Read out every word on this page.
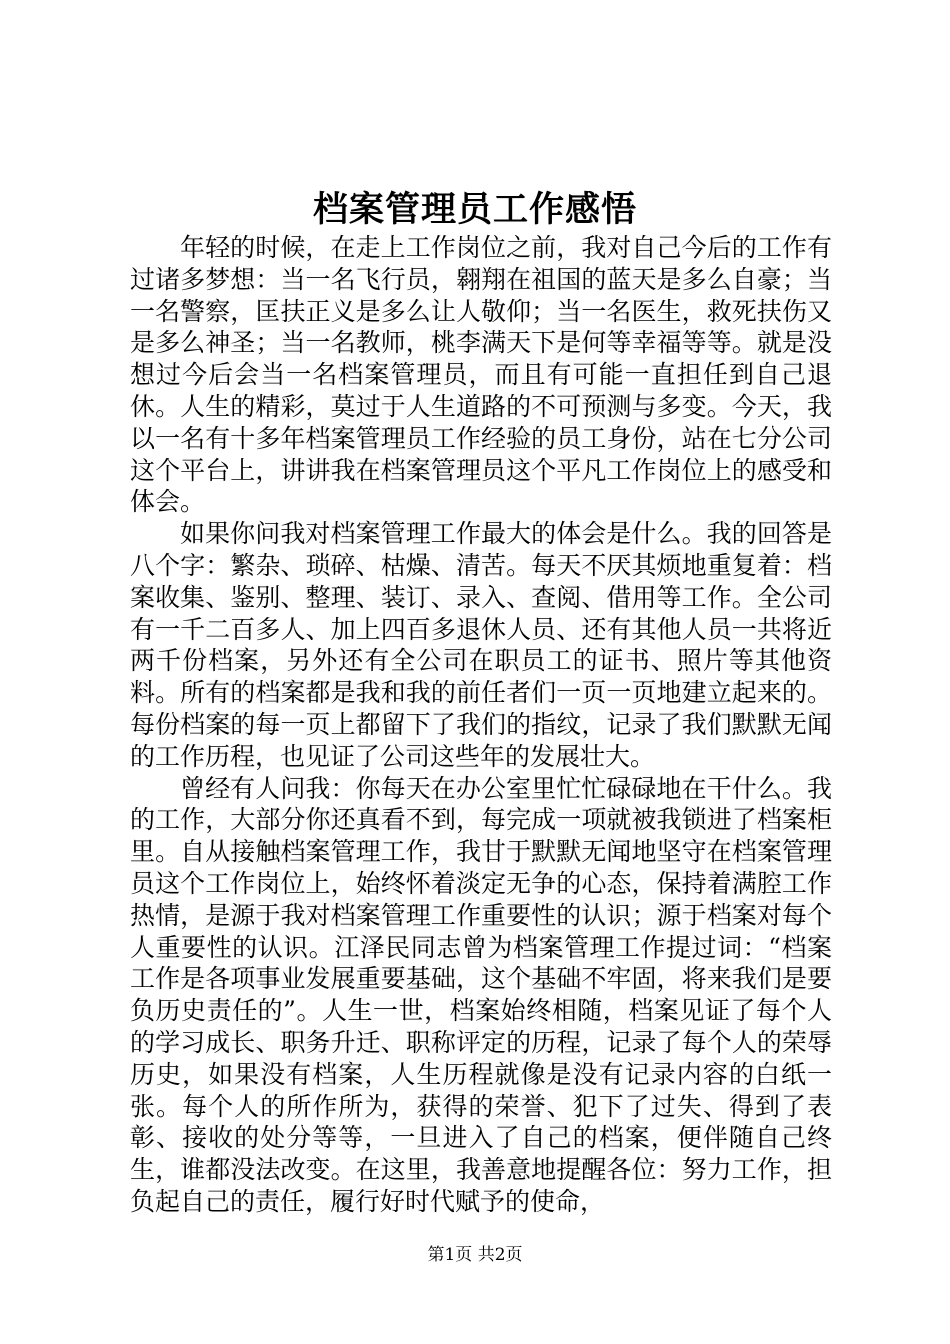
档案管理员工作感悟

年轻的时候，在走上工作岗位之前，我对自己今后的工作有过诸多梦想：当一名飞行员，翱翔在祖国的蓝天是多么自豪；当一名警察，匡扶正义是多么让人敬仰；当一名医生，救死扶伤又是多么神圣；当一名教师，桃李满天下是何等幸福等等。就是没想过今后会当一名档案管理员，而且有可能一直担任到自己退休。人生的精彩，莫过于人生道路的不可预测与多变。今天，我以一名有十多年档案管理员工作经验的员工身份，站在七分公司这个平台上，讲讲我在档案管理员这个平凡工作岗位上的感受和体会。

如果你问我对档案管理工作最大的体会是什么。我的回答是八个字：繁杂、琐碎、枯燥、清苦。每天不厌其烦地重复着：档案收集、鉴别、整理、装订、录入、查阅、借用等工作。全公司有一千二百多人、加上四百多退休人员、还有其他人员一共将近两千份档案，另外还有全公司在职员工的证书、照片等其他资料。所有的档案都是我和我的前任者们一页一页地建立起来的。每份档案的每一页上都留下了我们的指纹，记录了我们默默无闻的工作历程，也见证了公司这些年的发展壮大。

曾经有人问我：你每天在办公室里忙忙碌碌地在干什么。我的工作，大部分你还真看不到，每完成一项就被我锁进了档案柜里。自从接触档案管理工作，我甘于默默无闻地坚守在档案管理员这个工作岗位上，始终怀着淡定无争的心态，保持着满腔工作热情，是源于我对档案管理工作重要性的认识；源于档案对每个人重要性的认识。江泽民同志曾为档案管理工作提过词：“档案工作是各项事业发展重要基础，这个基础不牢固，将来我们是要负历史责任的”。人生一世，档案始终相随，档案见证了每个人的学习成长、职务升迁、职称评定的历程，记录了每个人的荣辱历史，如果没有档案，人生历程就像是没有记录内容的白纸一张。每个人的所作所为，获得的荣誉、犯下了过失、得到了表彰、接收的处分等等，一旦进入了自己的档案，便伴随自己终生，谁都没法改变。在这里，我善意地提醒各位：努力工作，担负起自己的责任，履行好时代赋予的使命，

第1页 共2页
